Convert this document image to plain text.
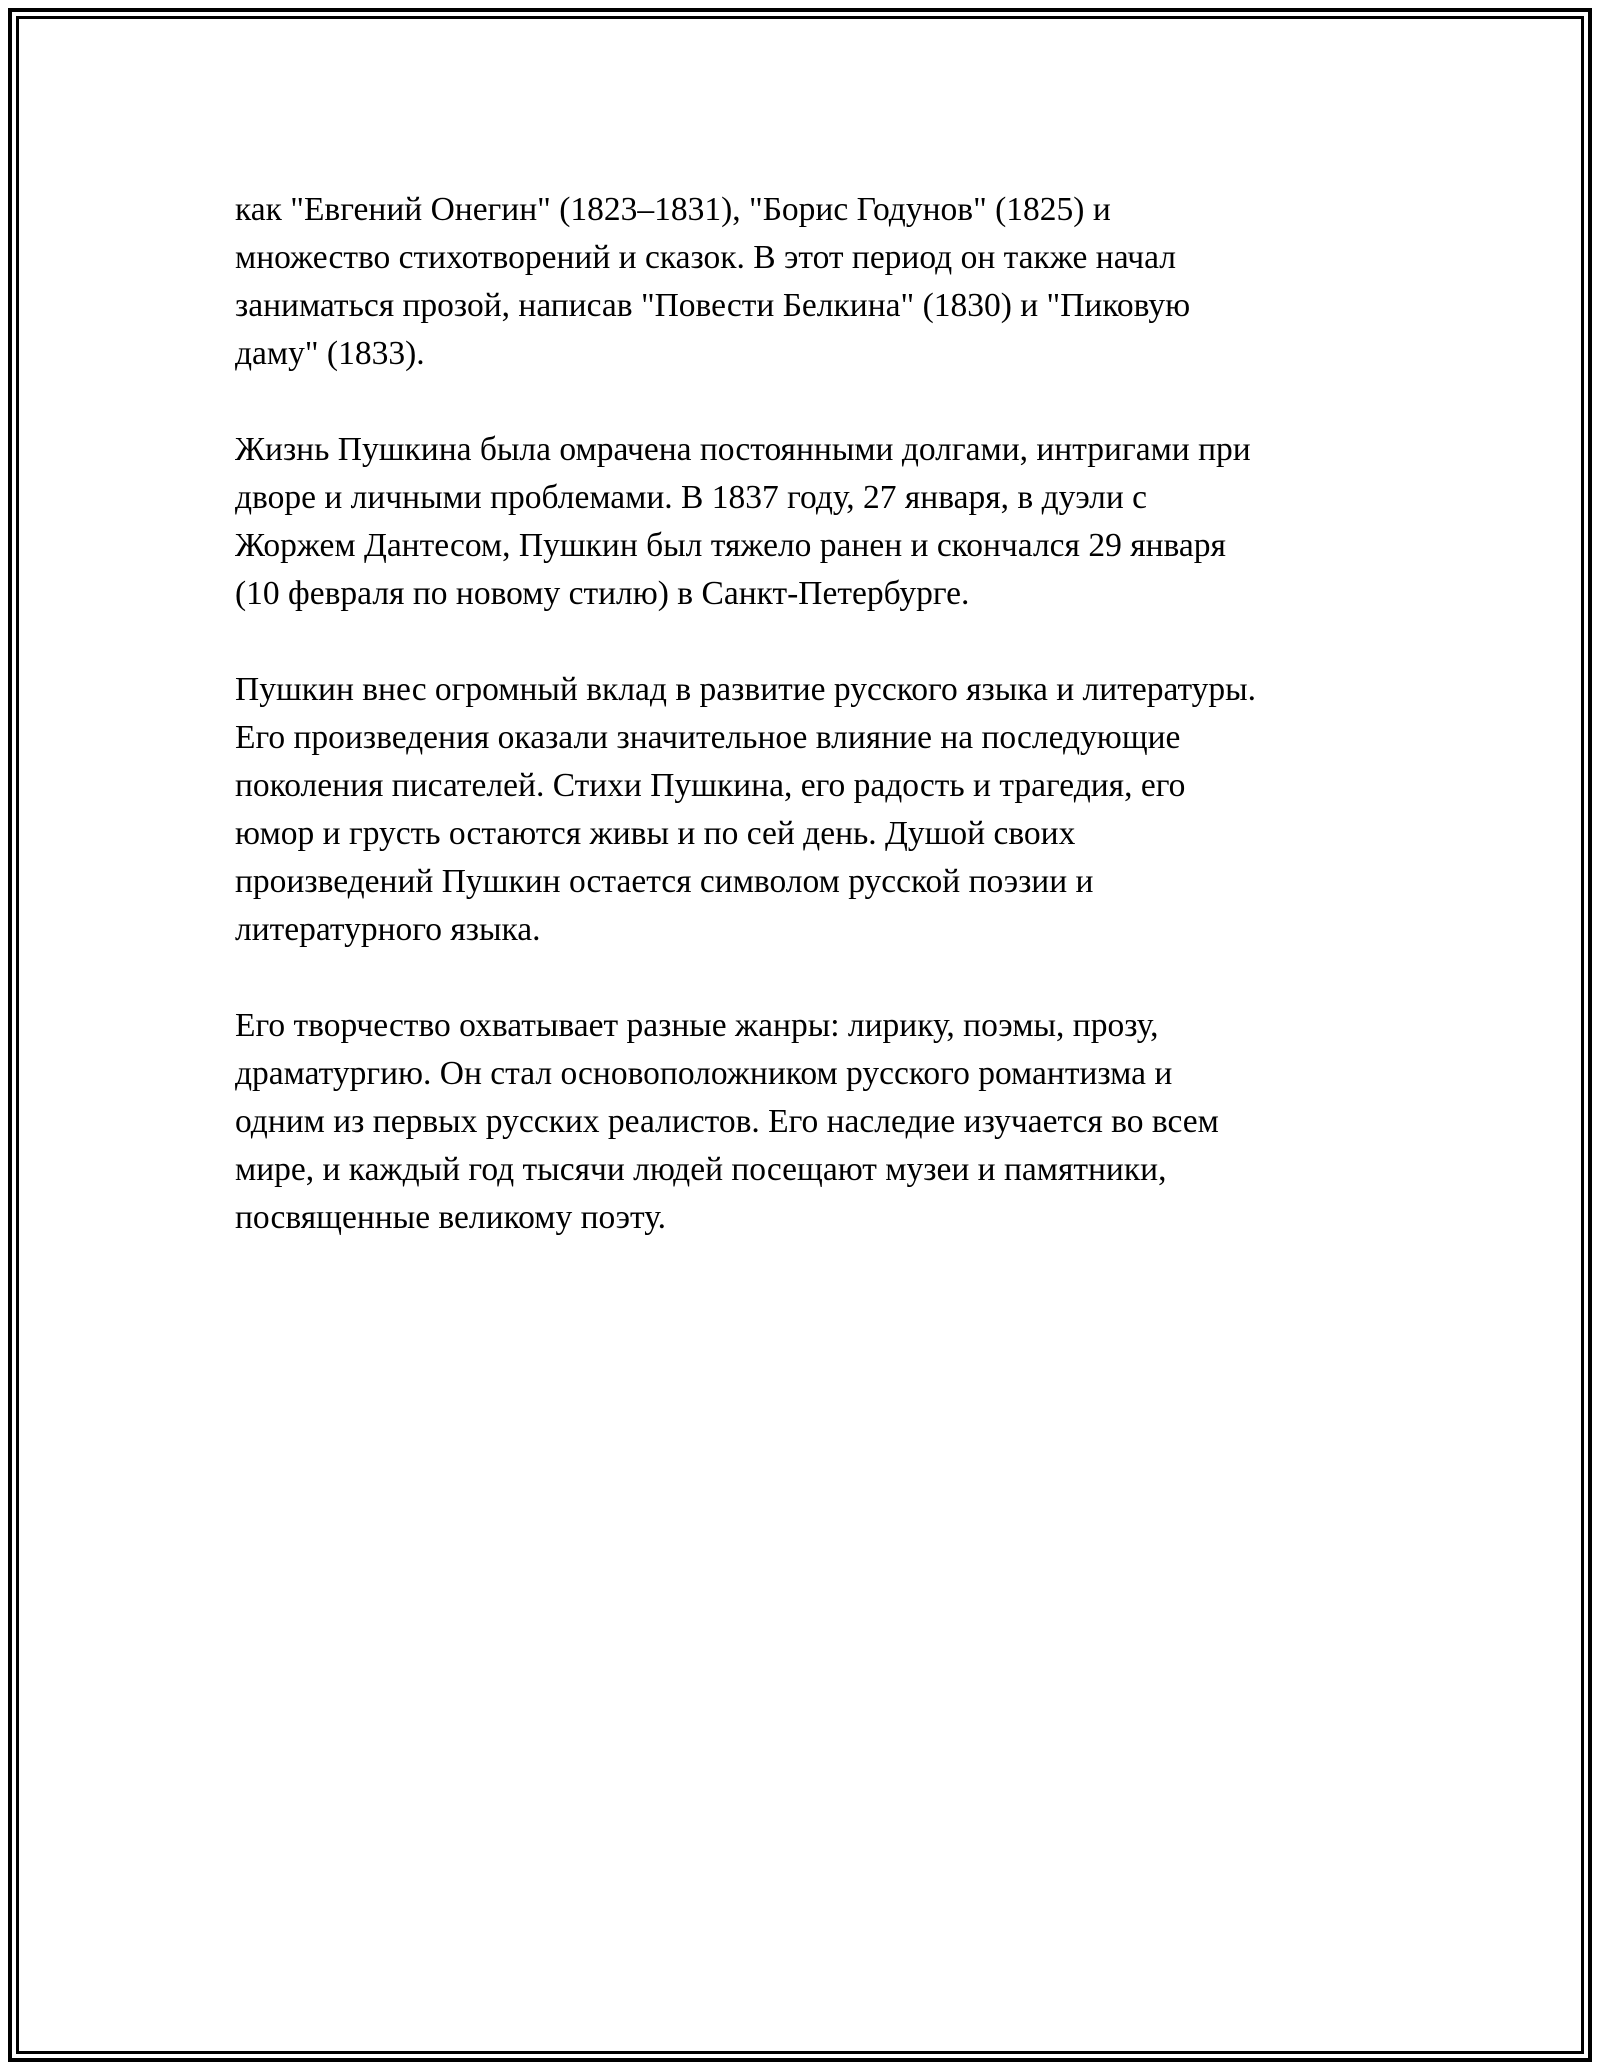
как "Евгений Онегин" (1823–1831), "Борис Годунов" (1825) и
множество стихотворений и сказок. В этот период он также начал
заниматься прозой, написав "Повести Белкина" (1830) и "Пиковую
даму" (1833).

Жизнь Пушкина была омрачена постоянными долгами, интригами при
дворе и личными проблемами. В 1837 году, 27 января, в дуэли с
Жоржем Дантесом, Пушкин был тяжело ранен и скончался 29 января
(10 февраля по новому стилю) в Санкт-Петербурге.

Пушкин внес огромный вклад в развитие русского языка и литературы.
Его произведения оказали значительное влияние на последующие
поколения писателей. Стихи Пушкина, его радость и трагедия, его
юмор и грусть остаются живы и по сей день. Душой своих
произведений Пушкин остается символом русской поэзии и
литературного языка.

Его творчество охватывает разные жанры: лирику, поэмы, прозу,
драматургию. Он стал основоположником русского романтизма и
одним из первых русских реалистов. Его наследие изучается во всем
мире, и каждый год тысячи людей посещают музеи и памятники,
посвященные великому поэту.
